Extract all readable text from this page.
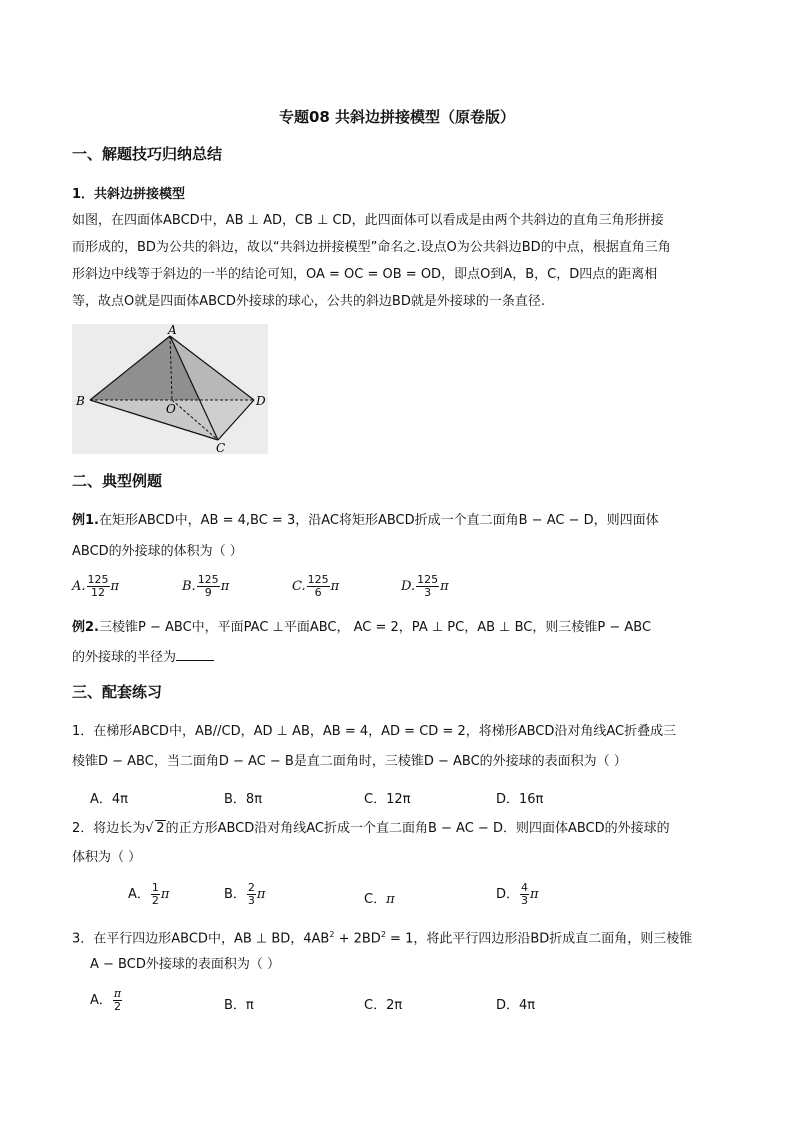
专题08 共斜边拼接模型（原卷版）
一、解题技巧归纳总结
1．共斜边拼接模型
如图，在四面体ABCD中，AB ⊥ AD，CB ⊥ CD，此四面体可以看成是由两个共斜边的直角三角形拼接
而形成的，BD为公共的斜边，故以“共斜边拼接模型”命名之.设点O为公共斜边BD的中点，根据直角三角
形斜边中线等于斜边的一半的结论可知，OA = OC = OB = OD，即点O到A，B，C，D四点的距离相
等，故点O就是四面体ABCD外接球的球心，公共的斜边BD就是外接球的一条直径.
A
B	D
C
O
二、典型例题
例1.在矩形ABCD中，AB = 4,BC = 3，沿AC将矩形ABCD折成一个直二面角B − AC − D，则四面体
ABCD的外接球的体积为（ ）
A. $\frac{125}{12}$ π	B. $\frac{125}{9}$ π	C. $\frac{125}{6}$ π	D. $\frac{125}{3}$ π
例2.三棱锥P − ABC中，平面PAC ⊥平面ABC， AC = 2，PA ⊥ PC，AB ⊥ BC，则三棱锥P − ABC
的外接球的半径为
三、配套练习
1．在梯形ABCD中，AB//CD，AD ⊥ AB，AB = 4，AD = CD = 2，将梯形ABCD沿对角线AC折叠成三
棱锥D − ABC，当二面角D − AC − B是直二面角时，三棱锥D − ABC的外接球的表面积为（ ）
A．4π	B．8π	C．12π	D．16π
2．将边长为√ 2的正方形ABCD沿对角线AC折成一个直二面角B − AC − D．则四面体ABCD的外接球的
体积为（ ）
A． $\frac{1}{2}$ π	B． $\frac{2}{3}$ π	C．π	D． $\frac{4}{3}$ π
3．在平行四边形ABCD中，AB ⊥ BD，$4AB^2 + 2BD^2 = 1$，将此平行四边形沿BD折成直二面角，则三棱锥
A − BCD外接球的表面积为（ ）
A． $\frac{\pi}{2}$	B．π	C．2π	D．4π
